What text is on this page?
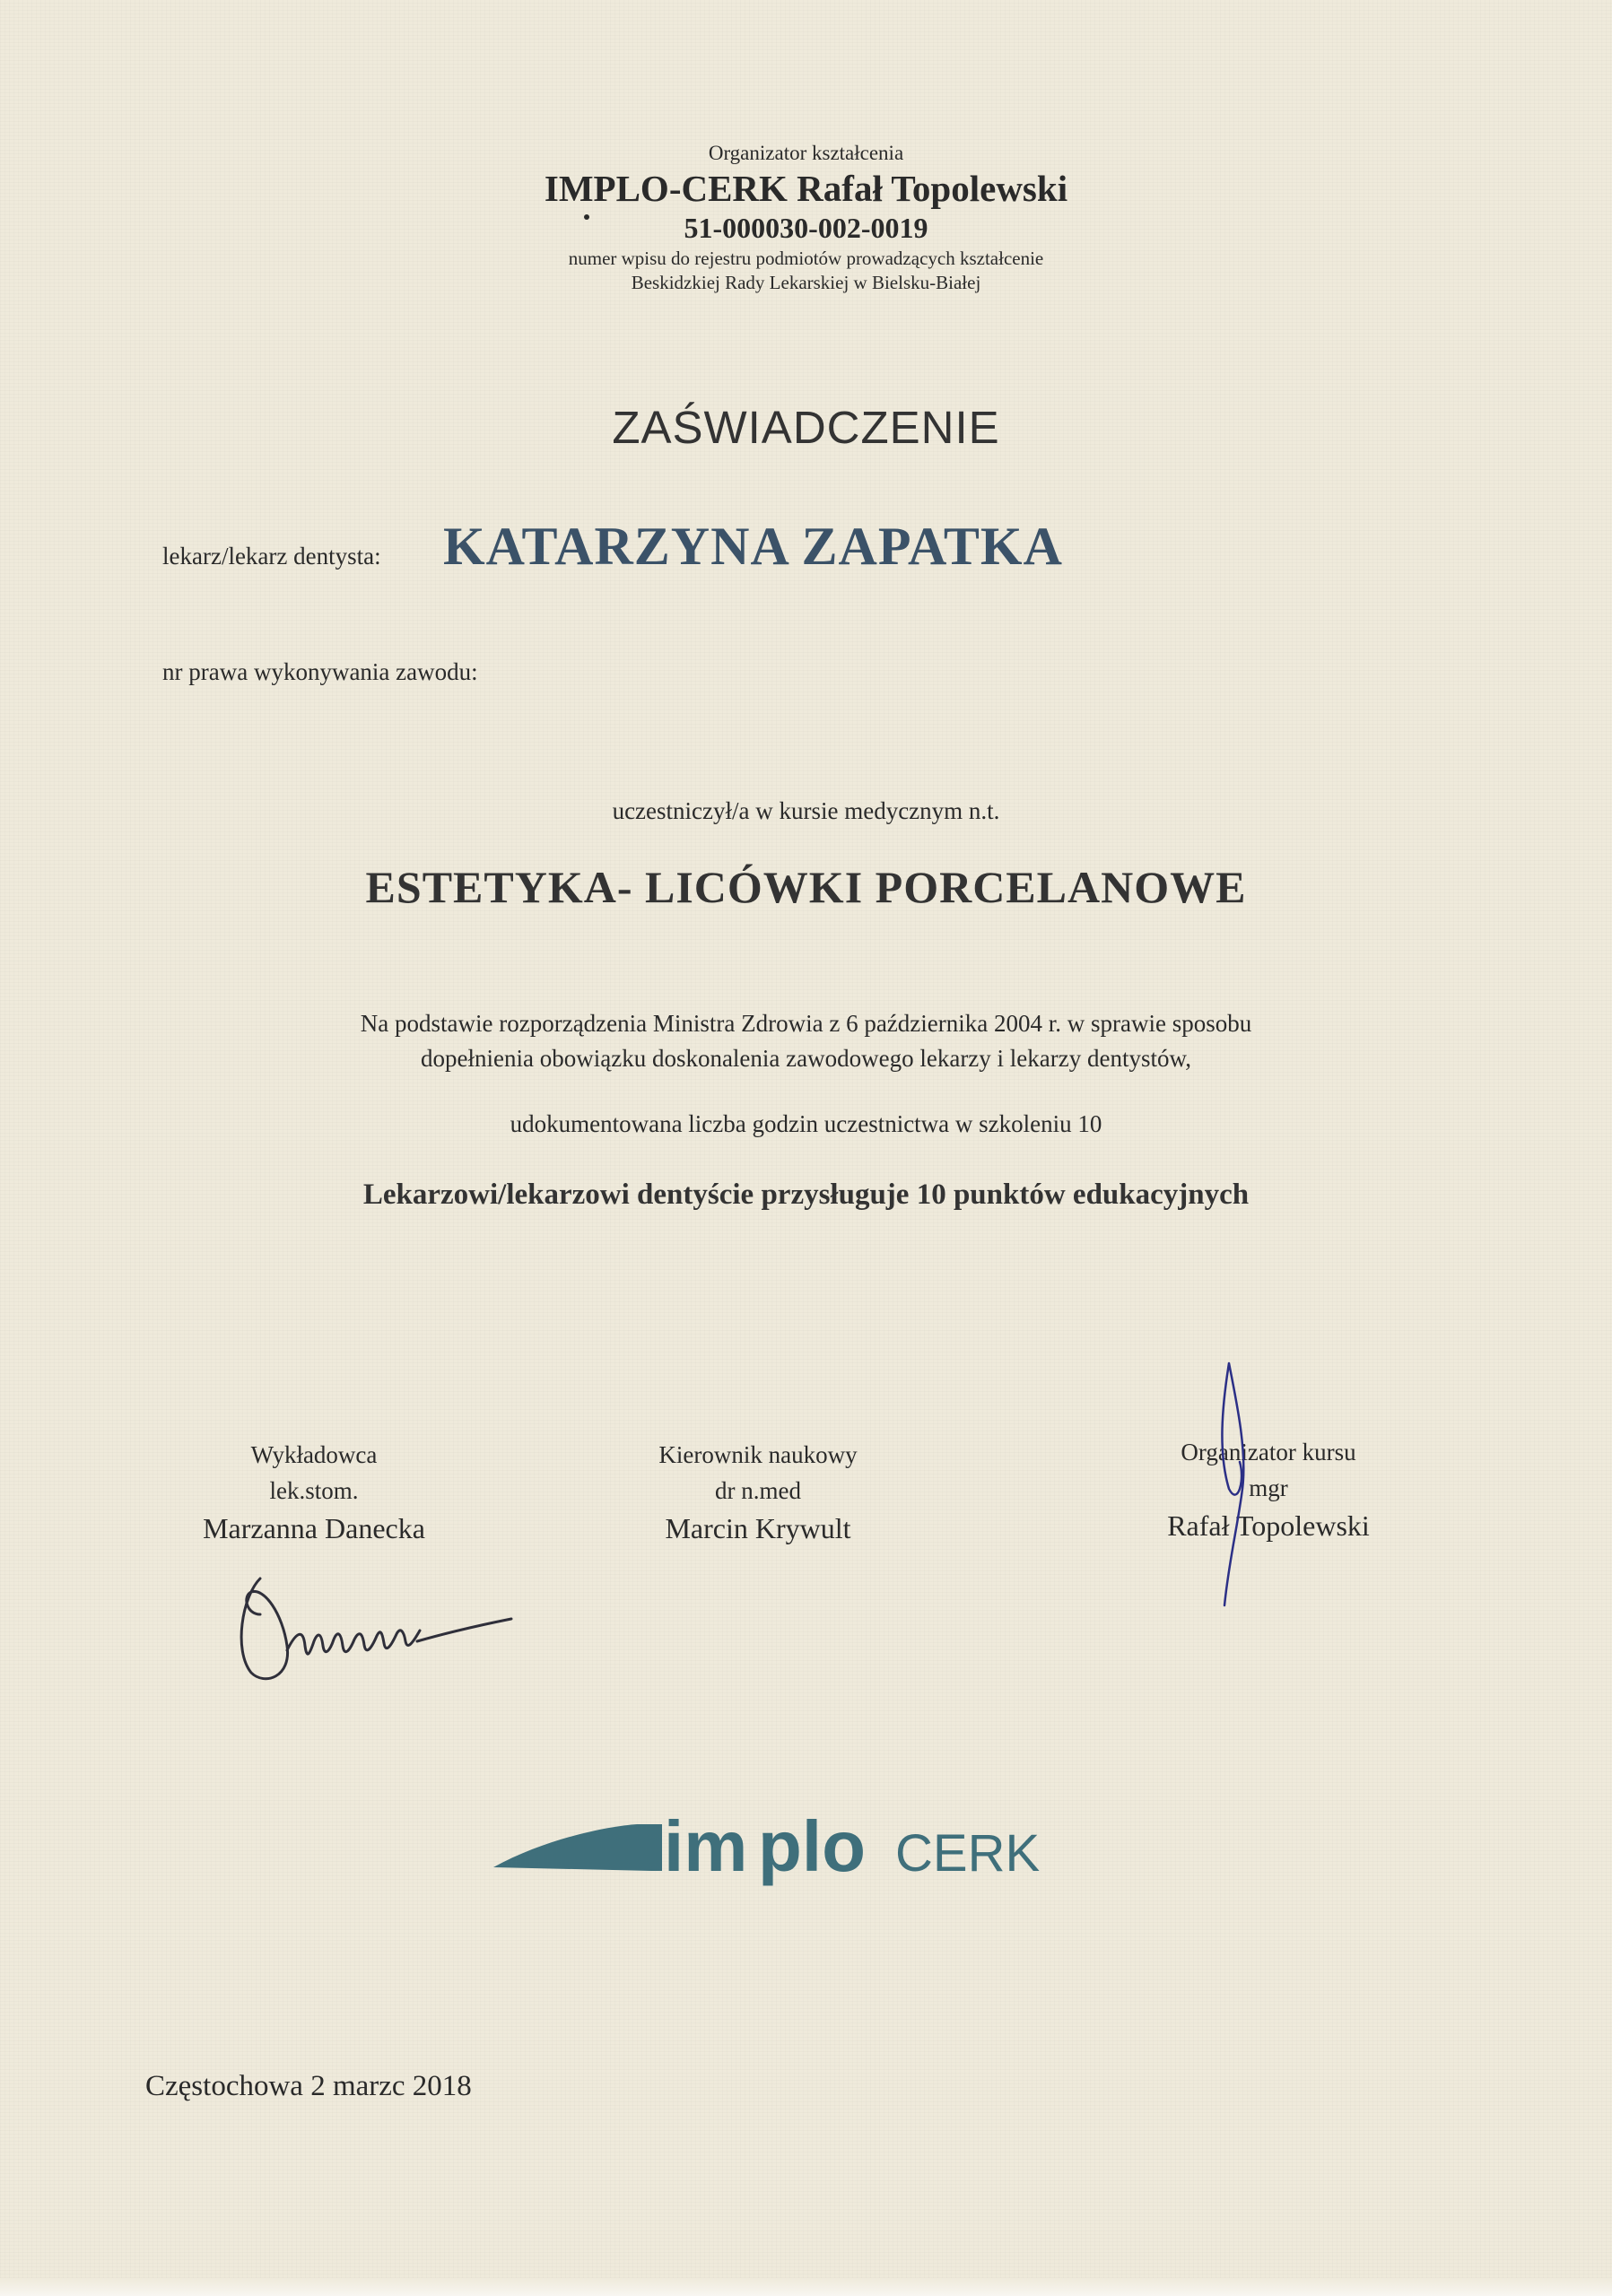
Organizator kształcenia
IMPLO-CERK Rafał Topolewski
51-000030-002-0019
numer wpisu do rejestru podmiotów prowadzących kształcenie
Beskidzkiej Rady Lekarskiej w Bielsku-Białej
ZAŚWIADCZENIE
lekarz/lekarz dentysta: KATARZYNA ZAPATKA
nr prawa wykonywania zawodu:
uczestniczył/a w kursie medycznym n.t.
ESTETYKA- LICÓWKI PORCELANOWE
Na podstawie rozporządzenia Ministra Zdrowia z 6 października 2004 r. w sprawie sposobu
dopełnienia obowiązku doskonalenia zawodowego lekarzy i lekarzy dentystów,
udokumentowana liczba godzin uczestnictwa w szkoleniu 10
Lekarzowi/lekarzowi dentyście przysługuje 10 punktów edukacyjnych
Wykładowca
lek.stom.
Marzanna Danecka
Kierownik naukowy
dr n.med
Marcin Krywult
Organizator kursu
mgr
Rafał Topolewski
im plo CERK
Częstochowa 2 marzc 2018
